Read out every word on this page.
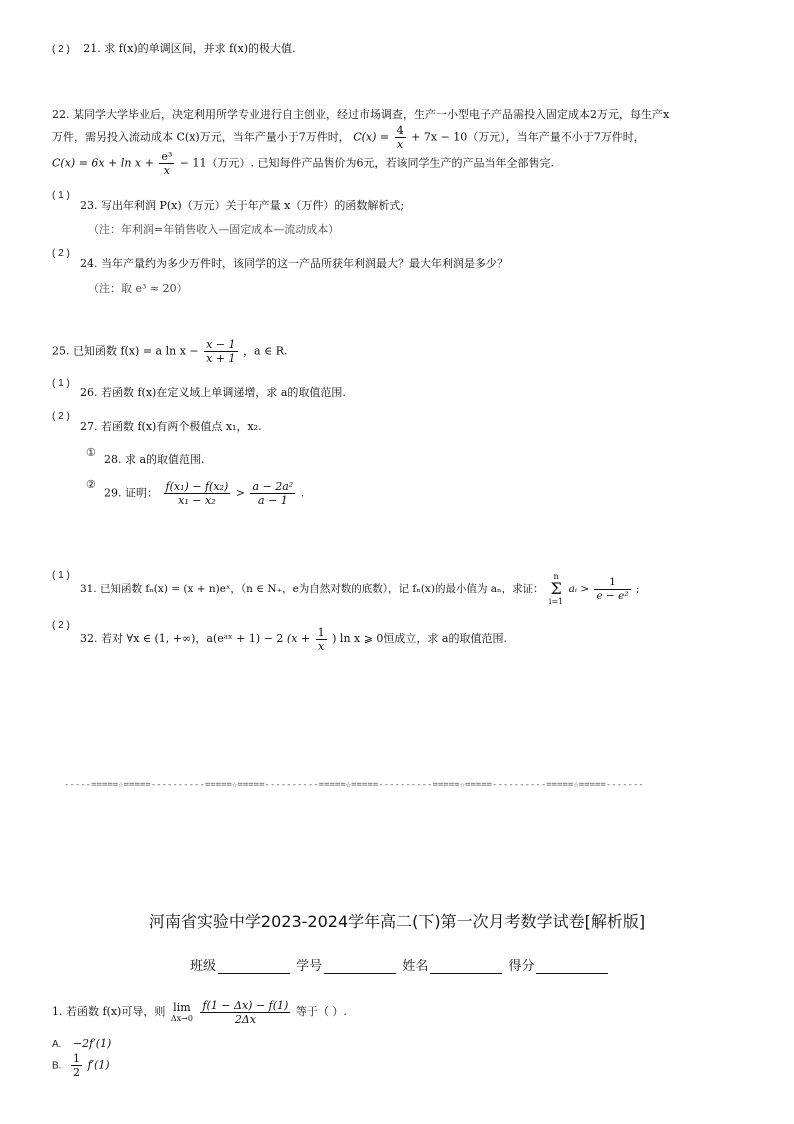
( 2 ) 21. 求 f(x)的单调区间，并求 f(x)的极大值.
22. 某同学大学毕业后，决定利用所学专业进行自主创业，经过市场调查，生产一小型电子产品需投入固定成本2万元，每生产x
万件，需另投入流动成本 C(x)万元，当年产量小于7万件时， $C(x) = \frac{4}{x} + 7x - 10$（万元），当年产量不小于7万件时，
$C(x) = 6x + \ln x + \frac{\text{e³}}{x} - 11$（万元）. 已知每件产品售价为6元，若该同学生产的产品当年全部售完.
( 1 )
23. 写出年利润 P(x)（万元）关于年产量 x（万件）的函数解析式;
（注：年利润=年销售收入—固定成本—流动成本）
( 2 )
24. 当年产量约为多少万件时，该同学的这一产品所获年利润最大？最大年利润是多少？
（注：取 e³ ≈ 20）
25. 已知函数 f(x) = a $\ln x - \frac{x - 1}{x + 1}$ ，a ∈ R.
( 1 )
26. 若函数 f(x)在定义域上单调递增，求 a的取值范围.
( 2 )
27. 若函数 f(x)有两个极值点 x₁，x₂.
① 28. 求 a的取值范围.
②
29. 证明： $\frac{\text{f(x₁) − f(x₂)}}{\text{x₁ − x₂}} > \frac{\text{a − 2a²}}{a - 1}$ .
( 1 )
31. 已知函数 fₙ(x) = (x + n)eˣ，（n ∈ N₊，e为自然对数的底数），记 fₙ(x)的最小值为 aₙ，求证： n
Σ
i=1 aᵢ > $\frac{1}{\text{e − e²}}$ ;
( 2 )
32. 若对 ∀x ∈ (1, +∞)，a(eᵃˣ + 1) − 2 ($x + \frac{1}{x}$ ) ln x ⩾ 0恒成立，求 a的取值范围.
-----=====☆=====----------=====☆=====----------=====☆=====----------=====☆=====----------=====☆=====-------
河南省实验中学2023-2024学年高二(下)第一次月考数学试卷[解析版]
班级	学号	姓名	得分
1. 若函数 f(x)可导，则 lim
$\Delta x\to 0 \frac{f(1 - \Delta x) - f(1)}{2\Delta x}$ 等于（ ）.
A. −2f′(1)
B. $\frac{1}{2} f'(1)$
